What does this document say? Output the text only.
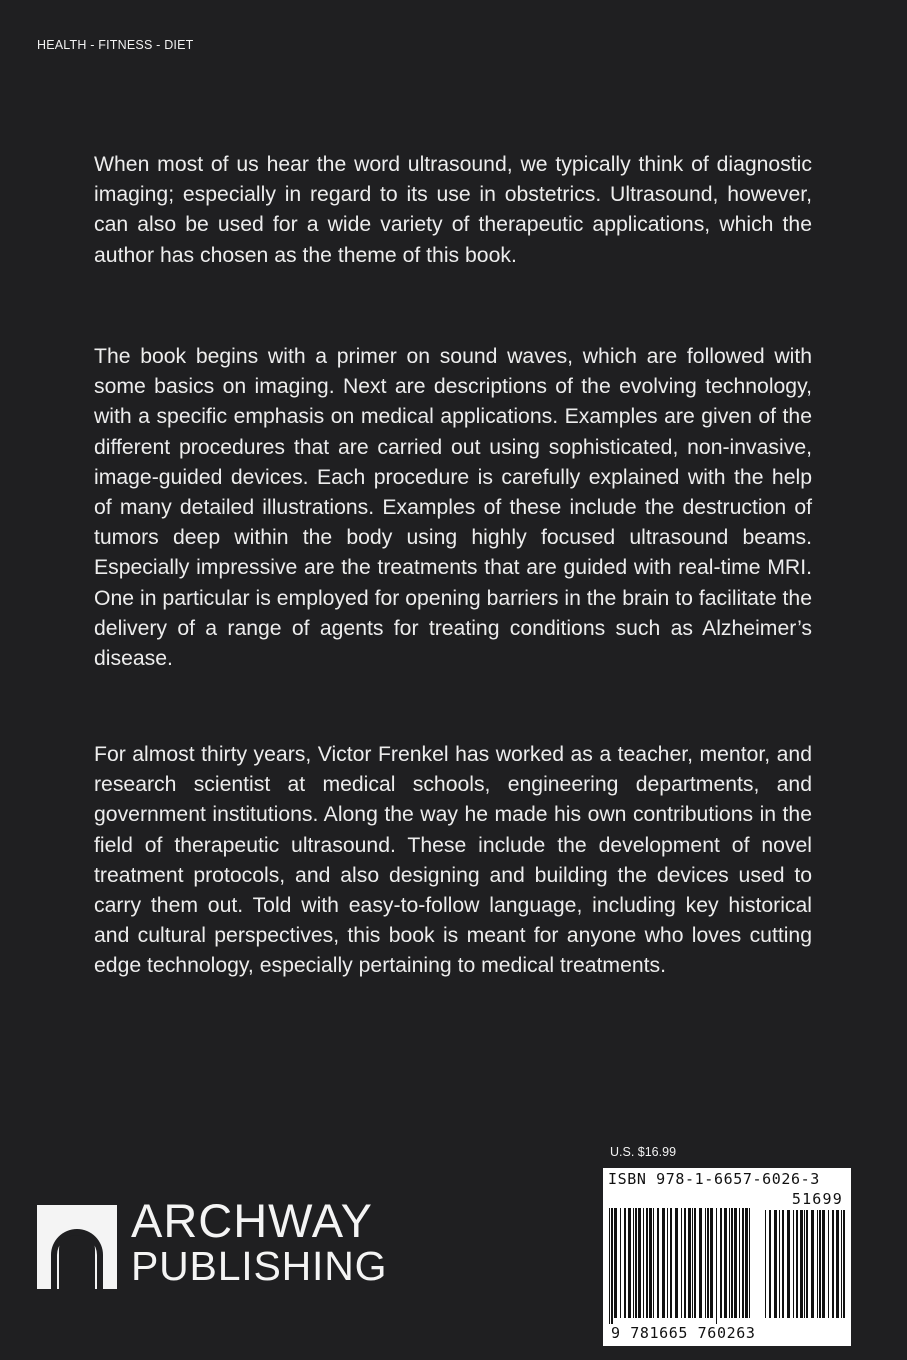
HEALTH - FITNESS - DIET

When most of us hear the word ultrasound, we typically think of diagnostic imaging; especially in regard to its use in obstetrics. Ultrasound, however, can also be used for a wide variety of therapeutic applications, which the author has chosen as the theme of this book.

The book begins with a primer on sound waves, which are followed with some basics on imaging. Next are descriptions of the evolving technology, with a specific emphasis on medical applications. Examples are given of the different procedures that are carried out using sophisticated, non-invasive, image-guided devices. Each procedure is carefully explained with the help of many detailed illustrations. Examples of these include the destruction of tumors deep within the body using highly focused ultrasound beams. Especially impressive are the treatments that are guided with real-time MRI. One in particular is employed for opening barriers in the brain to facilitate the delivery of a range of agents for treating conditions such as Alzheimer’s disease.

For almost thirty years, Victor Frenkel has worked as a teacher, mentor, and research scientist at medical schools, engineering departments, and government institutions. Along the way he made his own contributions in the field of therapeutic ultrasound. These include the development of novel treatment protocols, and also designing and building the devices used to carry them out. Told with easy-to-follow language, including key historical and cultural perspectives, this book is meant for anyone who loves cutting edge technology, especially pertaining to medical treatments.

U.S. $16.99
ISBN 978-1-6657-6026-3
51699
9 781665 760263
ARCHWAY
PUBLISHING
